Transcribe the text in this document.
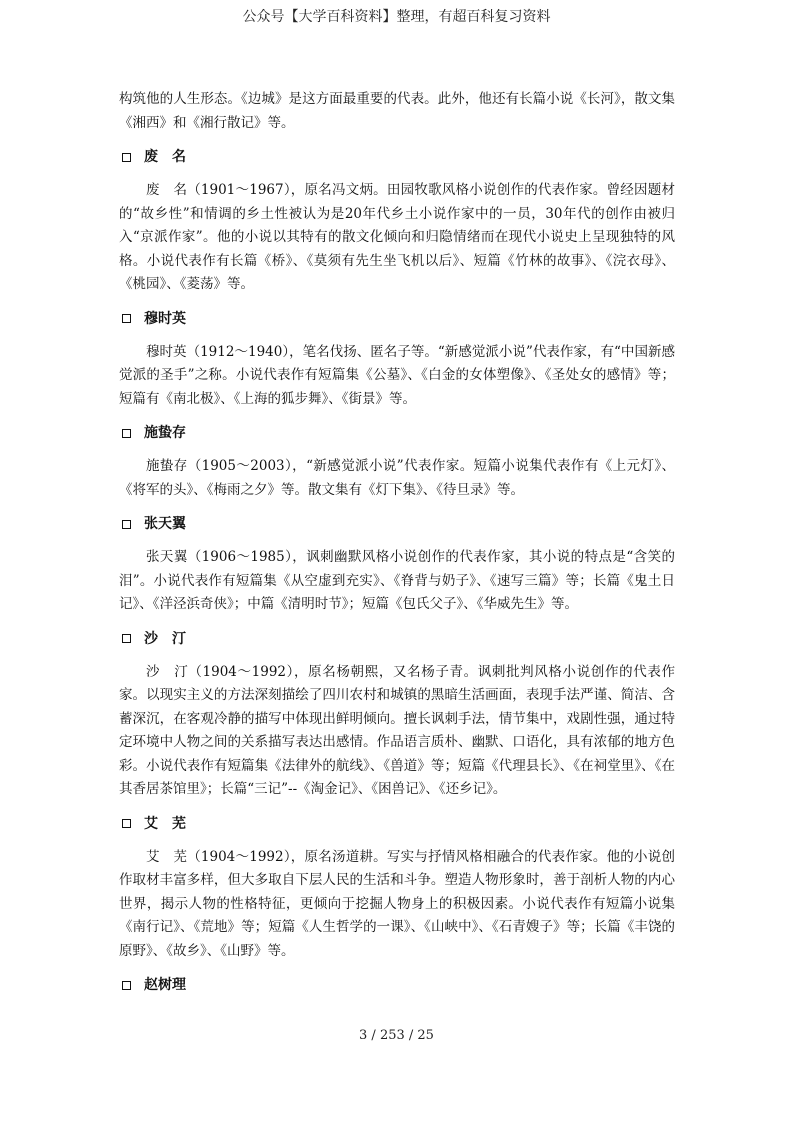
公众号【大学百科资料】整理，有超百科复习资料

构筑他的人生形态。《边城》是这方面最重要的代表。此外，他还有长篇小说《长河》，散文集《湘西》和《湘行散记》等。

废　名

废　名（1901～1967），原名冯文炳。田园牧歌风格小说创作的代表作家。曾经因题材的“故乡性”和情调的乡土性被认为是20年代乡土小说作家中的一员，30年代的创作由被归入“京派作家”。他的小说以其特有的散文化倾向和归隐情绪而在现代小说史上呈现独特的风格。小说代表作有长篇《桥》、《莫须有先生坐飞机以后》、短篇《竹林的故事》、《浣衣母》、《桃园》、《菱荡》等。

穆时英

穆时英（1912～1940），笔名伐扬、匿名子等。“新感觉派小说”代表作家，有“中国新感觉派的圣手”之称。小说代表作有短篇集《公墓》、《白金的女体塑像》、《圣处女的感情》等；短篇有《南北极》、《上海的狐步舞》、《街景》等。

施蛰存

施蛰存（1905～2003），“新感觉派小说”代表作家。短篇小说集代表作有《上元灯》、《将军的头》、《梅雨之夕》等。散文集有《灯下集》、《待旦录》等。

张天翼

张天翼（1906～1985），讽刺幽默风格小说创作的代表作家，其小说的特点是“含笑的泪”。小说代表作有短篇集《从空虚到充实》、《脊背与奶子》、《速写三篇》等；长篇《鬼土日记》、《洋泾浜奇侠》；中篇《清明时节》；短篇《包氏父子》、《华威先生》等。

沙　汀

沙　汀（1904～1992），原名杨朝熙，又名杨子青。讽刺批判风格小说创作的代表作家。以现实主义的方法深刻描绘了四川农村和城镇的黑暗生活画面，表现手法严谨、简洁、含蓄深沉，在客观冷静的描写中体现出鲜明倾向。擅长讽刺手法，情节集中，戏剧性强，通过特定环境中人物之间的关系描写表达出感情。作品语言质朴、幽默、口语化，具有浓郁的地方色彩。小说代表作有短篇集《法律外的航线》、《兽道》等；短篇《代理县长》、《在祠堂里》、《在其香居茶馆里》；长篇“三记”--《淘金记》、《困兽记》、《还乡记》。

艾　芜

艾　芜（1904～1992），原名汤道耕。写实与抒情风格相融合的代表作家。他的小说创作取材丰富多样，但大多取自下层人民的生活和斗争。塑造人物形象时，善于剖析人物的内心世界，揭示人物的性格特征，更倾向于挖掘人物身上的积极因素。小说代表作有短篇小说集《南行记》、《荒地》等；短篇《人生哲学的一课》、《山峡中》、《石青嫂子》等；长篇《丰饶的原野》、《故乡》、《山野》等。

赵树理
3 / 253 / 25
